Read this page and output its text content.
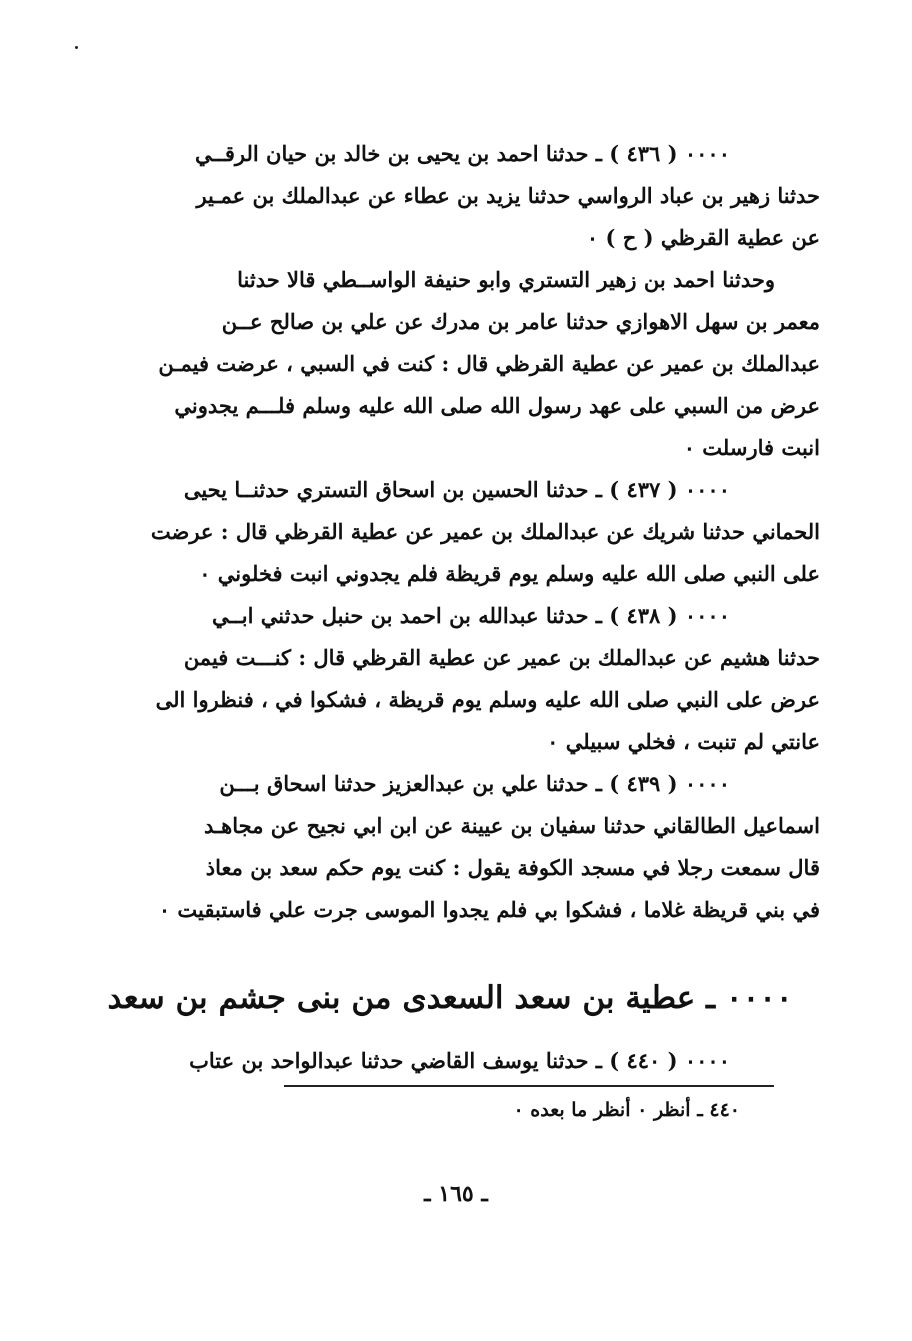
٠٠٠٠ ( ٤٣٦ ) ـ حدثنا احمد بن يحيى بن خالد بن حيان الرقــي
حدثنا زهير بن عباد الرواسي حدثنا يزيد بن عطاء عن عبدالملك بن عمـير
عن عطية القرظي ( ح ) ٠
وحدثنا احمد بن زهير التستري وابو حنيفة الواســطي قالا حدثنا
معمر بن سهل الاهوازي حدثنا عامر بن مدرك عن علي بن صالح عــن
عبدالملك بن عمير عن عطية القرظي قال : كنت في السبي ، عرضت فيمـن
عرض من السبي على عهد رسول الله صلى الله عليه وسلم فلـــم يجدوني
انبت فارسلت ٠
٠٠٠٠ ( ٤٣٧ ) ـ حدثنا الحسين بن اسحاق التستري حدثنــا يحيى
الحماني حدثنا شريك عن عبدالملك بن عمير عن عطية القرظي قال : عرضت
على النبي صلى الله عليه وسلم يوم قريظة فلم يجدوني انبت فخلوني ٠
٠٠٠٠ ( ٤٣٨ ) ـ حدثنا عبدالله بن احمد بن حنبل حدثني ابــي
حدثنا هشيم عن عبدالملك بن عمير عن عطية القرظي قال : كنـــت فيمن
عرض على النبي صلى الله عليه وسلم يوم قريظة ، فشكوا في ، فنظروا الى
عانتي لم تنبت ، فخلي سبيلي ٠
٠٠٠٠ ( ٤٣٩ ) ـ حدثنا علي بن عبدالعزيز حدثنا اسحاق بـــن
اسماعيل الطالقاني حدثنا سفيان بن عيينة عن ابن ابي نجيح عن مجاهـد
قال سمعت رجلا في مسجد الكوفة يقول : كنت يوم حكم سعد بن معاذ
في بني قريظة غلاما ، فشكوا بي فلم يجدوا الموسى جرت علي فاستبقيت ٠
٠٠٠٠ ـ عطية بن سعد السعدى من بنى جشم بن سعد
٠٠٠٠ ( ٤٤٠ ) ـ حدثنا يوسف القاضي حدثنا عبدالواحد بن عتاب
٤٤٠ ـ أنظر ٠ أنظر ما بعده ٠
ـ ١٦٥ ـ
